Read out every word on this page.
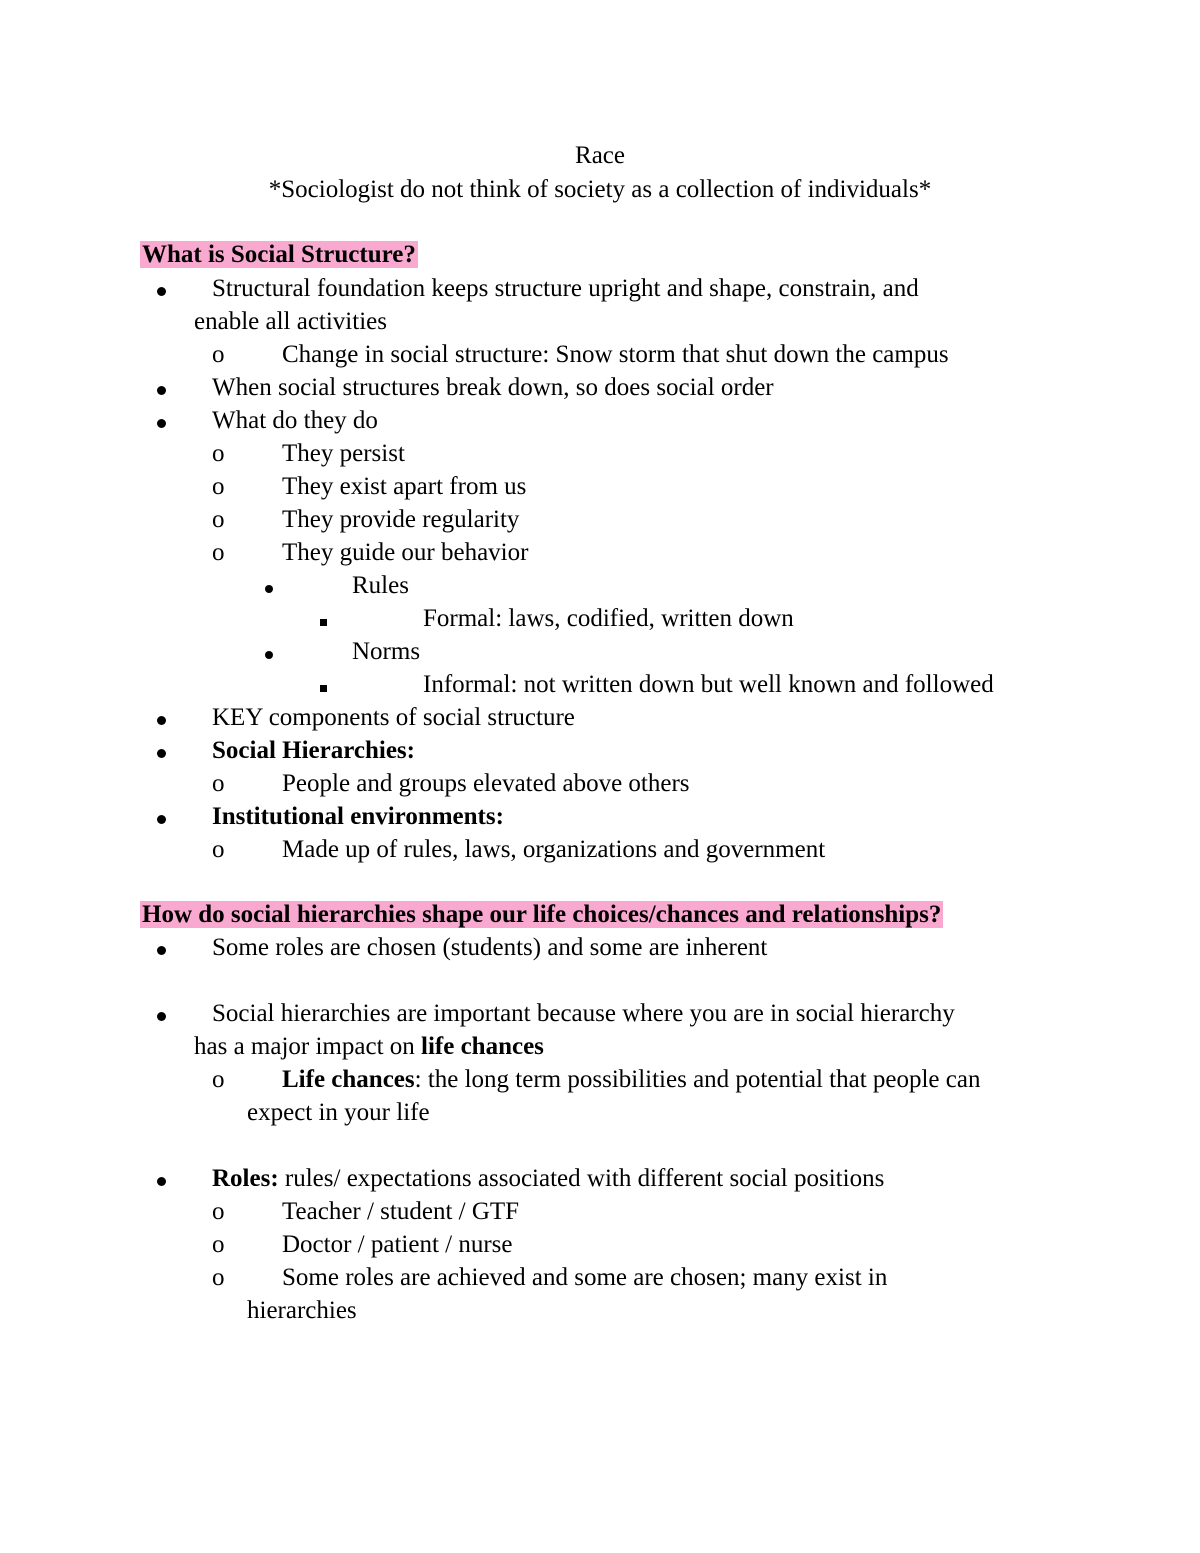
Race
*Sociologist do not think of society as a collection of individuals*
What is Social Structure?
Structural foundation keeps structure upright and shape, constrain, and
enable all activities
o Change in social structure: Snow storm that shut down the campus
When social structures break down, so does social order
What do they do
o They persist
o They exist apart from us
o They provide regularity
o They guide our behavior
Rules
Formal: laws, codified, written down
Norms
Informal: not written down but well known and followed
KEY components of social structure
Social Hierarchies:
o People and groups elevated above others
Institutional environments:
o Made up of rules, laws, organizations and government
How do social hierarchies shape our life choices/chances and relationships?
Some roles are chosen (students) and some are inherent
Social hierarchies are important because where you are in social hierarchy
has a major impact on life chances
o Life chances: the long term possibilities and potential that people can
expect in your life
Roles: rules/ expectations associated with different social positions
o Teacher / student / GTF
o Doctor / patient / nurse
o Some roles are achieved and some are chosen; many exist in
hierarchies
